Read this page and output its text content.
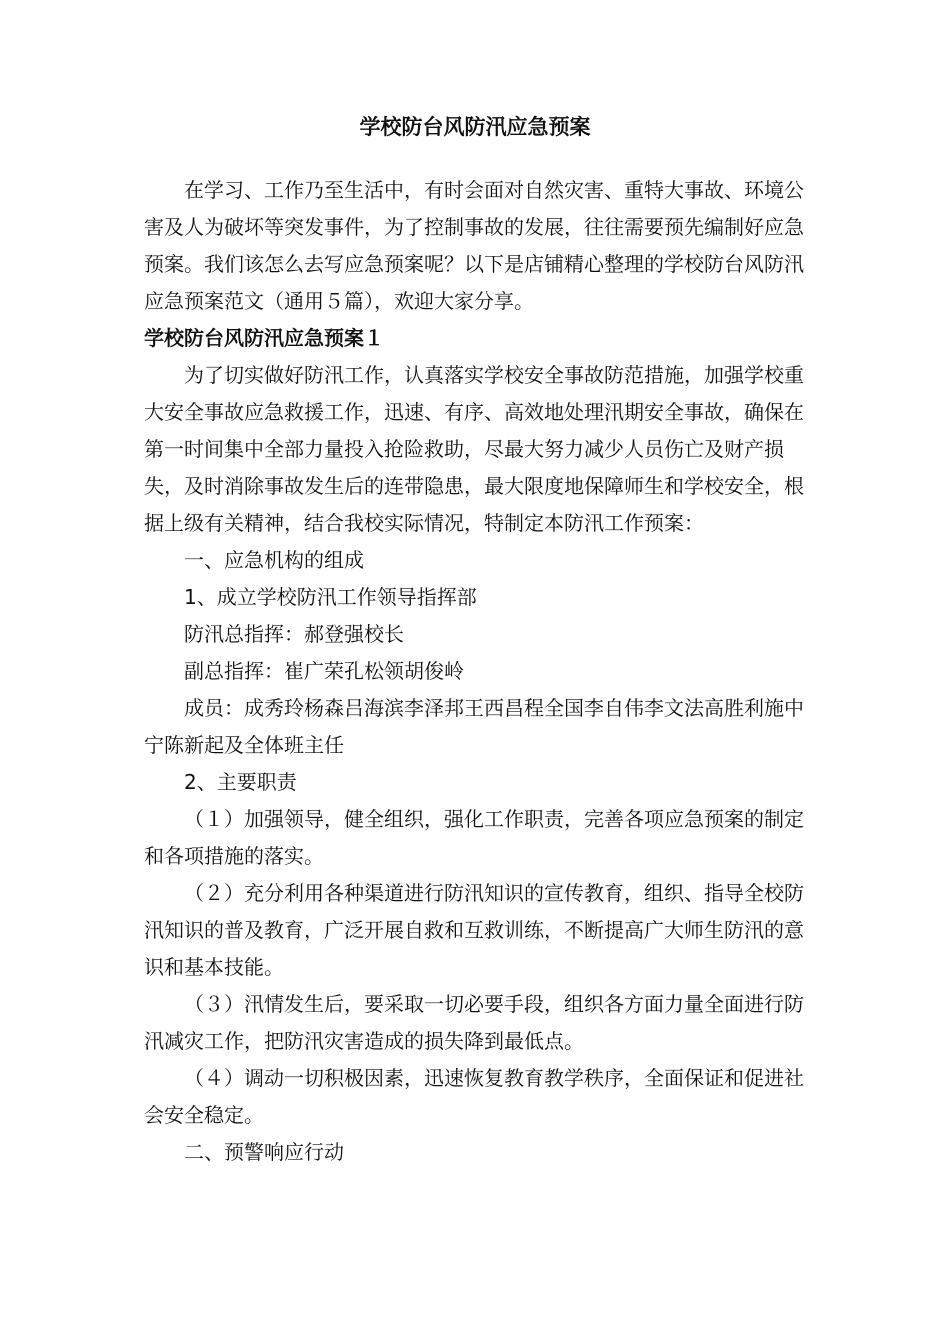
学校防台风防汛应急预案

在学习、工作乃至生活中，有时会面对自然灾害、重特大事故、环境公害及人为破坏等突发事件，为了控制事故的发展，往往需要预先编制好应急预案。我们该怎么去写应急预案呢？以下是店铺精心整理的学校防台风防汛应急预案范文（通用５篇），欢迎大家分享。

学校防台风防汛应急预案１

为了切实做好防汛工作，认真落实学校安全事故防范措施，加强学校重大安全事故应急救援工作，迅速、有序、高效地处理汛期安全事故，确保在第一时间集中全部力量投入抢险救助，尽最大努力减少人员伤亡及财产损失，及时消除事故发生后的连带隐患，最大限度地保障师生和学校安全，根据上级有关精神，结合我校实际情况，特制定本防汛工作预案：

一、应急机构的组成

1、成立学校防汛工作领导指挥部

防汛总指挥：郝登强校长

副总指挥：崔广荣孔松领胡俊岭

成员：成秀玲杨森吕海滨李泽邦王西昌程全国李自伟李文法高胜利施中宁陈新起及全体班主任

2、主要职责

（１）加强领导，健全组织，强化工作职责，完善各项应急预案的制定和各项措施的落实。

（２）充分利用各种渠道进行防汛知识的宣传教育，组织、指导全校防汛知识的普及教育，广泛开展自救和互救训练，不断提高广大师生防汛的意识和基本技能。

（３）汛情发生后，要采取一切必要手段，组织各方面力量全面进行防汛减灾工作，把防汛灾害造成的损失降到最低点。

（４）调动一切积极因素，迅速恢复教育教学秩序，全面保证和促进社会安全稳定。

二、预警响应行动
